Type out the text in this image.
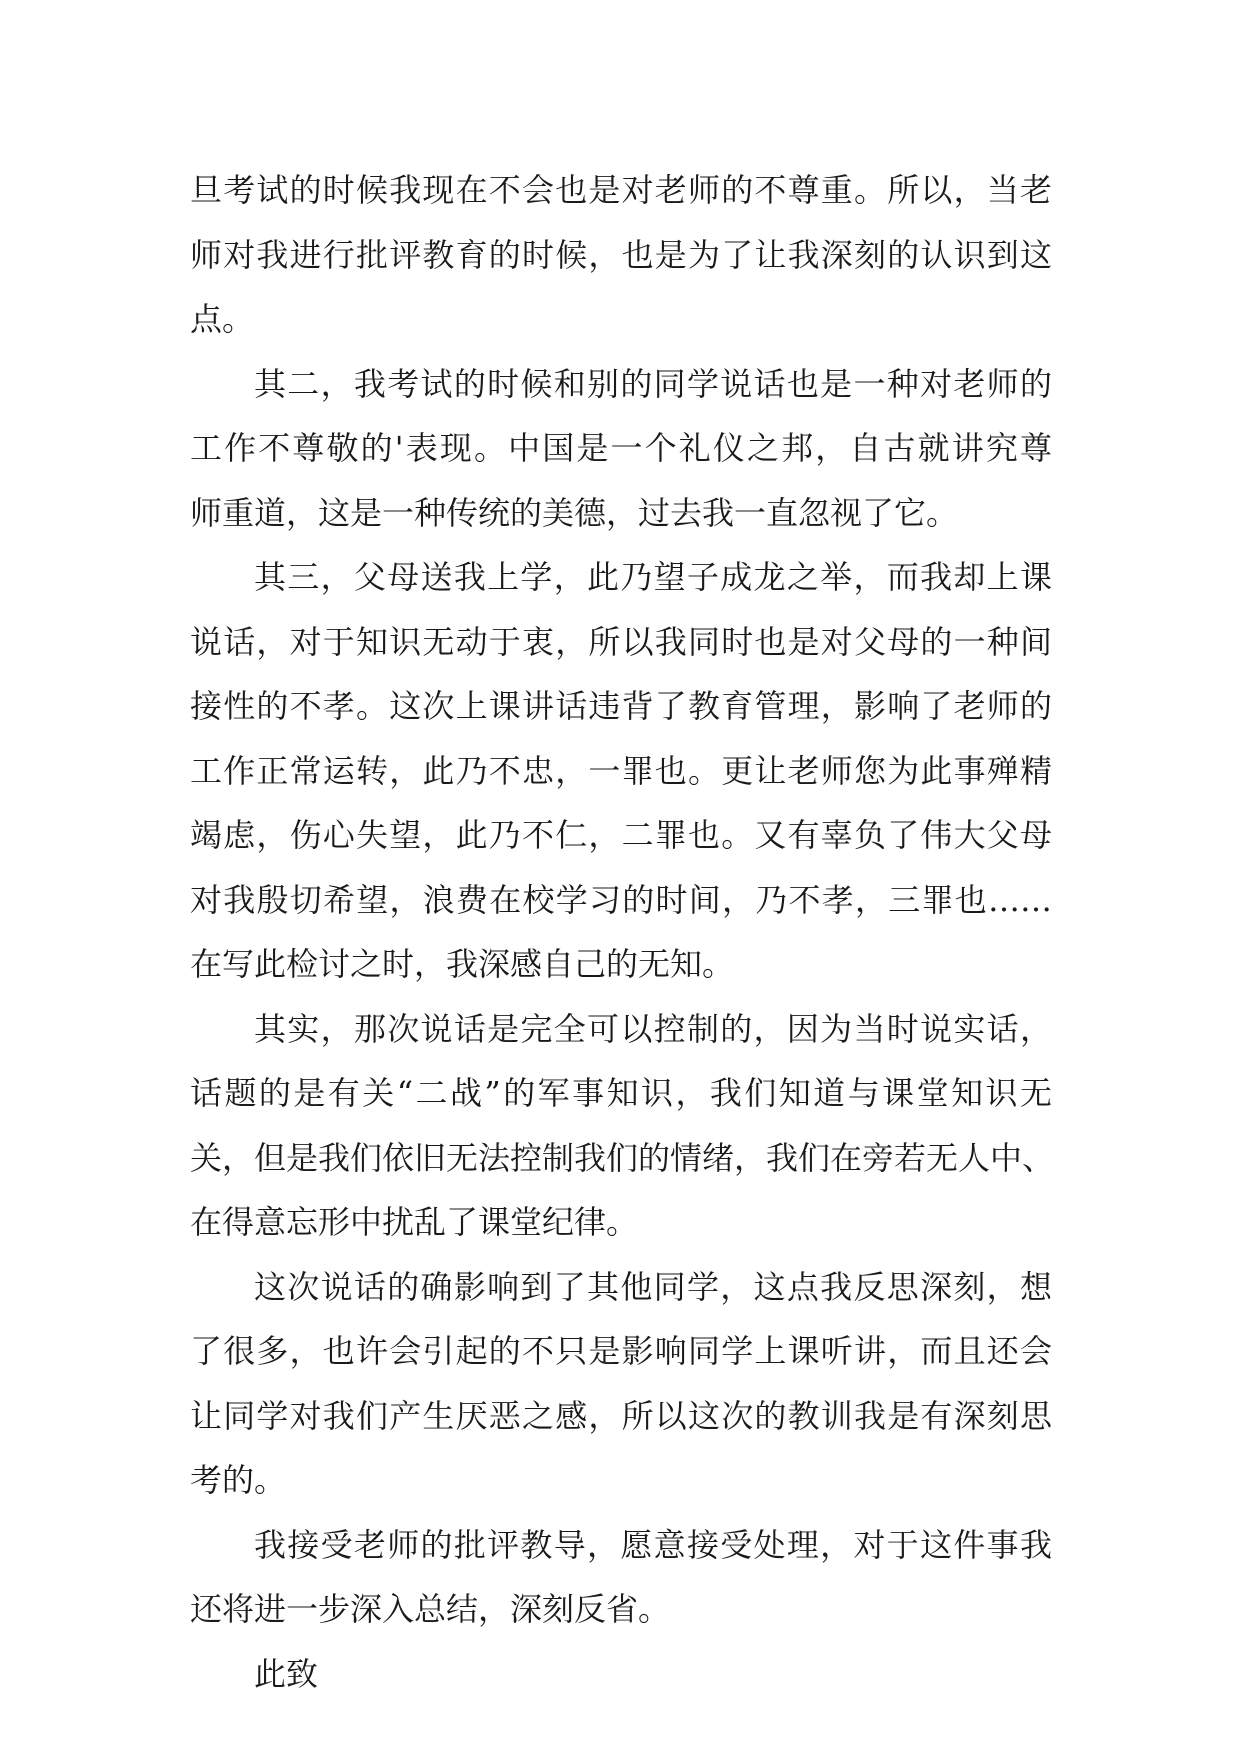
旦考试的时候我现在不会也是对老师的不尊重。所以，当老
师对我进行批评教育的时候，也是为了让我深刻的认识到这
点。
其二，我考试的时候和别的同学说话也是一种对老师的
工作不尊敬的'表现。中国是一个礼仪之邦，自古就讲究尊
师重道，这是一种传统的美德，过去我一直忽视了它。
其三，父母送我上学，此乃望子成龙之举，而我却上课
说话，对于知识无动于衷，所以我同时也是对父母的一种间
接性的不孝。这次上课讲话违背了教育管理，影响了老师的
工作正常运转，此乃不忠，一罪也。更让老师您为此事殚精
竭虑，伤心失望，此乃不仁，二罪也。又有辜负了伟大父母
对我殷切希望，浪费在校学习的时间，乃不孝，三罪也……
在写此检讨之时，我深感自己的无知。
其实，那次说话是完全可以控制的，因为当时说实话，
话题的是有关“二战”的军事知识，我们知道与课堂知识无
关，但是我们依旧无法控制我们的情绪，我们在旁若无人中、
在得意忘形中扰乱了课堂纪律。
这次说话的确影响到了其他同学，这点我反思深刻，想
了很多，也许会引起的不只是影响同学上课听讲，而且还会
让同学对我们产生厌恶之感，所以这次的教训我是有深刻思
考的。
我接受老师的批评教导，愿意接受处理，对于这件事我
还将进一步深入总结，深刻反省。
此致
